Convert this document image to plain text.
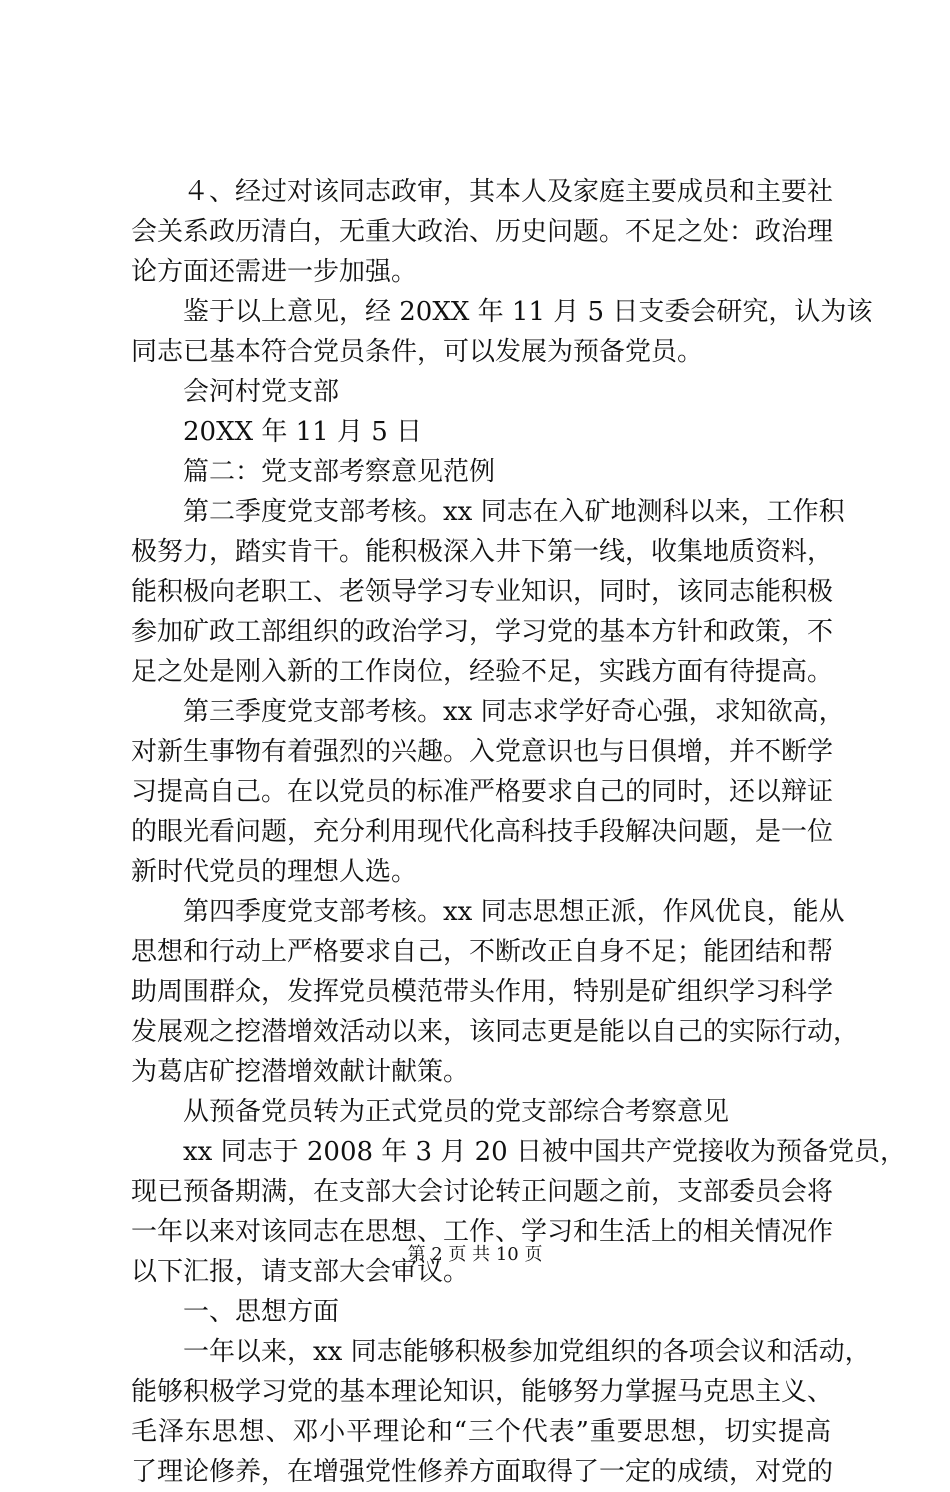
４、经过对该同志政审，其本人及家庭主要成员和主要社
会关系政历清白，无重大政治、历史问题。不足之处：政治理
论方面还需进一步加强。
鉴于以上意见，经 20XX 年 11 月 5 日支委会研究，认为该
同志已基本符合党员条件，可以发展为预备党员。
会河村党支部
20XX 年 11 月 5 日
篇二：党支部考察意见范例
第二季度党支部考核。xx 同志在入矿地测科以来，工作积
极努力，踏实肯干。能积极深入井下第一线，收集地质资料，
能积极向老职工、老领导学习专业知识，同时，该同志能积极
参加矿政工部组织的政治学习，学习党的基本方针和政策，不
足之处是刚入新的工作岗位，经验不足，实践方面有待提高。
第三季度党支部考核。xx 同志求学好奇心强，求知欲高，
对新生事物有着强烈的兴趣。入党意识也与日俱增，并不断学
习提高自己。在以党员的标准严格要求自己的同时，还以辩证
的眼光看问题，充分利用现代化高科技手段解决问题，是一位
新时代党员的理想人选。
第四季度党支部考核。xx 同志思想正派，作风优良，能从
思想和行动上严格要求自己，不断改正自身不足；能团结和帮
助周围群众，发挥党员模范带头作用，特别是矿组织学习科学
发展观之挖潜增效活动以来，该同志更是能以自己的实际行动，
为葛店矿挖潜增效献计献策。
从预备党员转为正式党员的党支部综合考察意见
xx 同志于 2008 年 3 月 20 日被中国共产党接收为预备党员，
现已预备期满，在支部大会讨论转正问题之前，支部委员会将
一年以来对该同志在思想、工作、学习和生活上的相关情况作
以下汇报，请支部大会审议。
一、思想方面
一年以来，xx 同志能够积极参加党组织的各项会议和活动，
能够积极学习党的基本理论知识，能够努力掌握马克思主义、
毛泽东思想、邓小平理论和“三个代表”重要思想，切实提高
了理论修养，在增强党性修养方面取得了一定的成绩，对党的
第 2 页 共 10 页
